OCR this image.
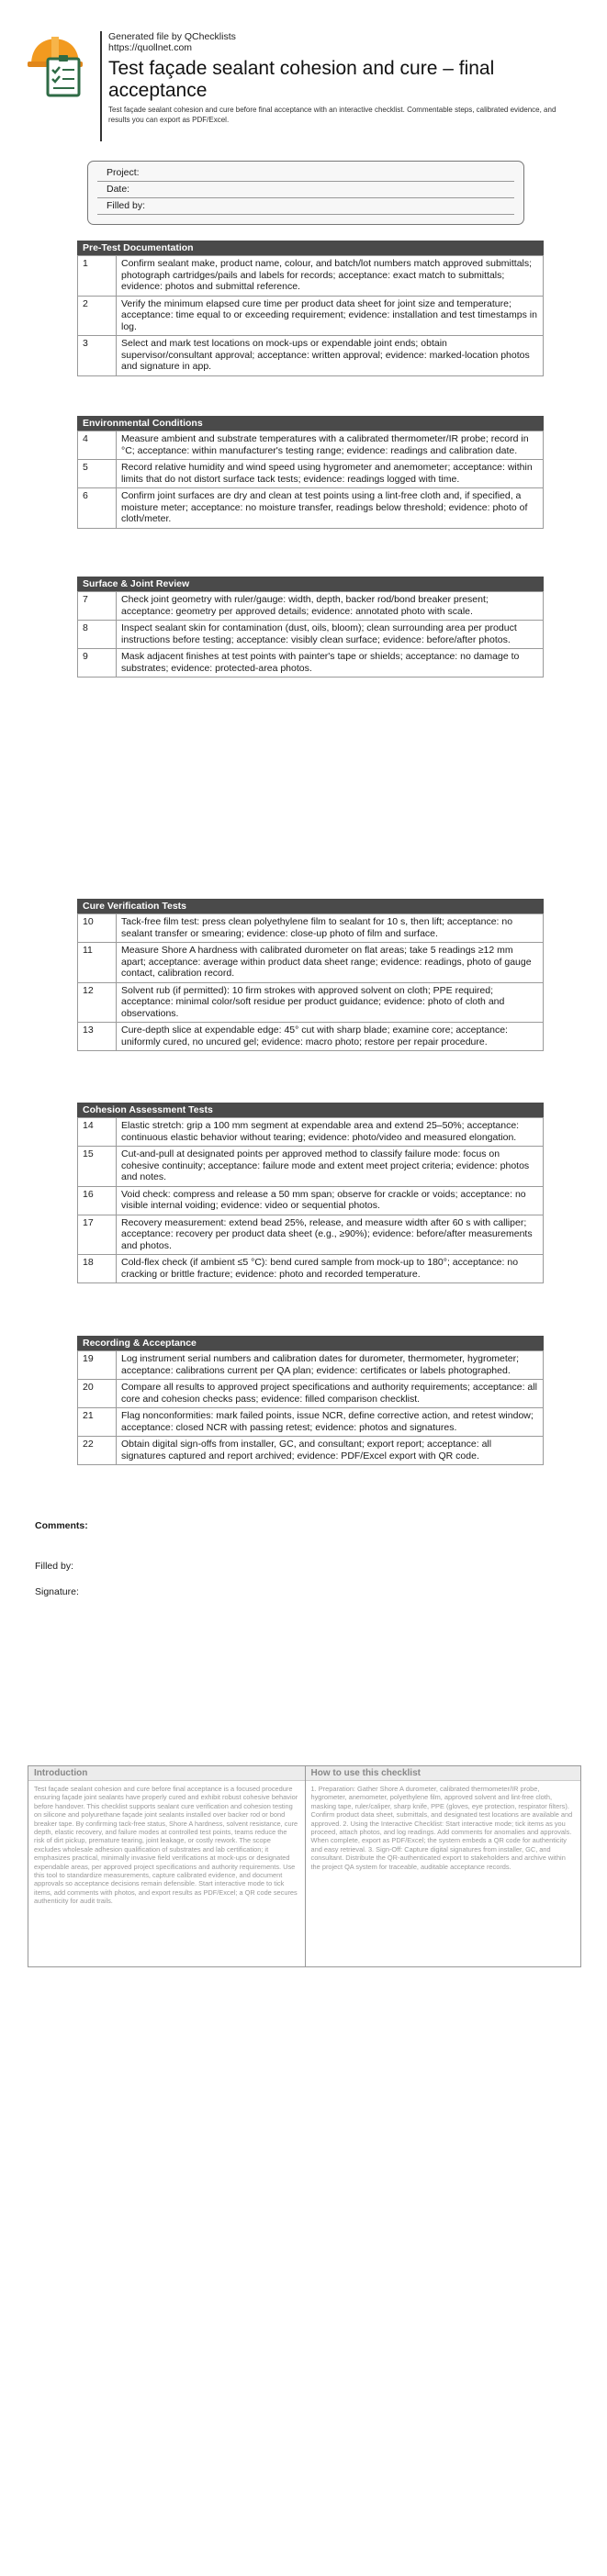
Generated file by QChecklists
https://quollnet.com
Test façade sealant cohesion and cure – final acceptance
Test façade sealant cohesion and cure before final acceptance with an interactive checklist. Commentable steps, calibrated evidence, and results you can export as PDF/Excel.
Project:
Date:
Filled by:
Pre-Test Documentation
1	Confirm sealant make, product name, colour, and batch/lot numbers match approved submittals; photograph cartridges/pails and labels for records; acceptance: exact match to submittals; evidence: photos and submittal reference.
2	Verify the minimum elapsed cure time per product data sheet for joint size and temperature; acceptance: time equal to or exceeding requirement; evidence: installation and test timestamps in log.
3	Select and mark test locations on mock-ups or expendable joint ends; obtain supervisor/consultant approval; acceptance: written approval; evidence: marked-location photos and signature in app.
Environmental Conditions
4	Measure ambient and substrate temperatures with a calibrated thermometer/IR probe; record in °C; acceptance: within manufacturer's testing range; evidence: readings and calibration date.
5	Record relative humidity and wind speed using hygrometer and anemometer; acceptance: within limits that do not distort surface tack tests; evidence: readings logged with time.
6	Confirm joint surfaces are dry and clean at test points using a lint-free cloth and, if specified, a moisture meter; acceptance: no moisture transfer, readings below threshold; evidence: photo of cloth/meter.
Surface & Joint Review
7	Check joint geometry with ruler/gauge: width, depth, backer rod/bond breaker present; acceptance: geometry per approved details; evidence: annotated photo with scale.
8	Inspect sealant skin for contamination (dust, oils, bloom); clean surrounding area per product instructions before testing; acceptance: visibly clean surface; evidence: before/after photos.
9	Mask adjacent finishes at test points with painter's tape or shields; acceptance: no damage to substrates; evidence: protected-area photos.
Cure Verification Tests
10	Tack-free film test: press clean polyethylene film to sealant for 10 s, then lift; acceptance: no sealant transfer or smearing; evidence: close-up photo of film and surface.
11	Measure Shore A hardness with calibrated durometer on flat areas; take 5 readings ≥12 mm apart; acceptance: average within product data sheet range; evidence: readings, photo of gauge contact, calibration record.
12	Solvent rub (if permitted): 10 firm strokes with approved solvent on cloth; PPE required; acceptance: minimal color/soft residue per product guidance; evidence: photo of cloth and observations.
13	Cure-depth slice at expendable edge: 45° cut with sharp blade; examine core; acceptance: uniformly cured, no uncured gel; evidence: macro photo; restore per repair procedure.
Cohesion Assessment Tests
14	Elastic stretch: grip a 100 mm segment at expendable area and extend 25–50%; acceptance: continuous elastic behavior without tearing; evidence: photo/video and measured elongation.
15	Cut-and-pull at designated points per approved method to classify failure mode: focus on cohesive continuity; acceptance: failure mode and extent meet project criteria; evidence: photos and notes.
16	Void check: compress and release a 50 mm span; observe for crackle or voids; acceptance: no visible internal voiding; evidence: video or sequential photos.
17	Recovery measurement: extend bead 25%, release, and measure width after 60 s with calliper; acceptance: recovery per product data sheet (e.g., ≥90%); evidence: before/after measurements and photos.
18	Cold-flex check (if ambient ≤5 °C): bend cured sample from mock-up to 180°; acceptance: no cracking or brittle fracture; evidence: photo and recorded temperature.
Recording & Acceptance
19	Log instrument serial numbers and calibration dates for durometer, thermometer, hygrometer; acceptance: calibrations current per QA plan; evidence: certificates or labels photographed.
20	Compare all results to approved project specifications and authority requirements; acceptance: all core and cohesion checks pass; evidence: filled comparison checklist.
21	Flag nonconformities: mark failed points, issue NCR, define corrective action, and retest window; acceptance: closed NCR with passing retest; evidence: photos and signatures.
22	Obtain digital sign-offs from installer, GC, and consultant; export report; acceptance: all signatures captured and report archived; evidence: PDF/Excel export with QR code.
Comments:
Filled by:
Signature:
Introduction
Test façade sealant cohesion and cure before final acceptance is a focused procedure ensuring façade joint sealants have properly cured and exhibit robust cohesive behavior before handover. This checklist supports sealant cure verification and cohesion testing on silicone and polyurethane façade joint sealants installed over backer rod or bond breaker tape. By confirming tack-free status, Shore A hardness, solvent resistance, cure depth, elastic recovery, and failure modes at controlled test points, teams reduce the risk of dirt pickup, premature tearing, joint leakage, or costly rework. The scope excludes wholesale adhesion qualification of substrates and lab certification; it emphasizes practical, minimally invasive field verifications at mock-ups or designated expendable areas, per approved project specifications and authority requirements. Use this tool to standardize measurements, capture calibrated evidence, and document approvals so acceptance decisions remain defensible. Start interactive mode to tick items, add comments with photos, and export results as PDF/Excel; a QR code secures authenticity for audit trails.
How to use this checklist
1. Preparation: Gather Shore A durometer, calibrated thermometer/IR probe, hygrometer, anemometer, polyethylene film, approved solvent and lint-free cloth, masking tape, ruler/caliper, sharp knife, PPE (gloves, eye protection, respirator filters). Confirm product data sheet, submittals, and designated test locations are available and approved. 2. Using the Interactive Checklist: Start interactive mode; tick items as you proceed, attach photos, and log readings. Add comments for anomalies and approvals. When complete, export as PDF/Excel; the system embeds a QR code for authenticity and easy retrieval. 3. Sign-Off: Capture digital signatures from installer, GC, and consultant. Distribute the QR-authenticated export to stakeholders and archive within the project QA system for traceable, auditable acceptance records.
